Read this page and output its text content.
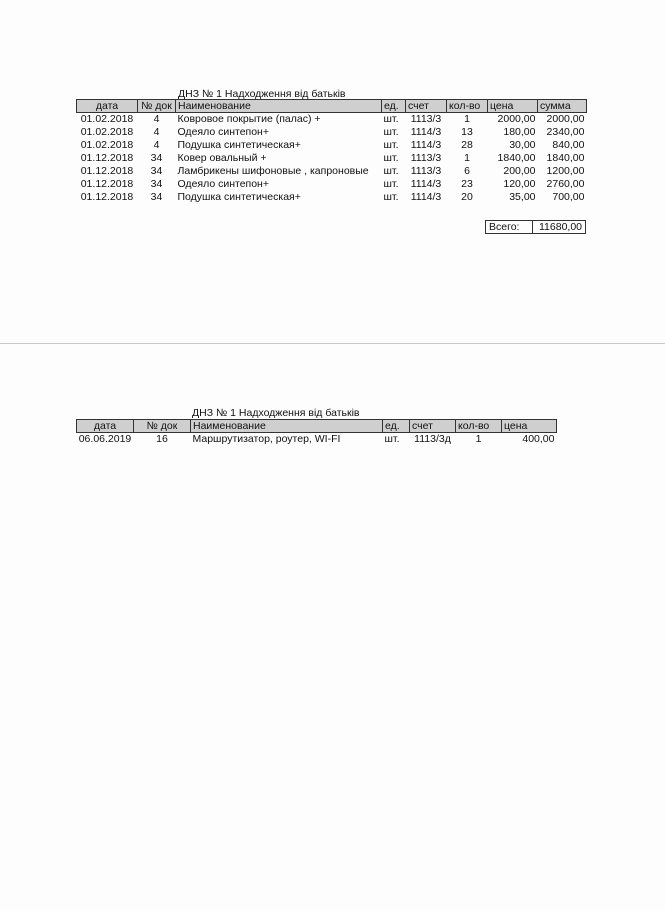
ДНЗ № 1 Надходження від батьків
дата	№ док	Наименование	ед.	счет	кол-во	цена	сумма
01.02.2018	4	Ковровое покрытие (палас) +	шт.	1113/3	1	2000,00	2000,00
01.02.2018	4	Одеяло синтепон+	шт.	1114/3	13	180,00	2340,00
01.02.2018	4	Подушка синтетическая+	шт.	1114/3	28	30,00	840,00
01.12.2018	34	Ковер овальный +	шт.	1113/3	1	1840,00	1840,00
01.12.2018	34	Ламбрикены шифоновые , капроновые	шт.	1113/3	6	200,00	1200,00
01.12.2018	34	Одеяло синтепон+	шт.	1114/3	23	120,00	2760,00
01.12.2018	34	Подушка синтетическая+	шт.	1114/3	20	35,00	700,00
Всего:	11680,00
ДНЗ № 1 Надходження від батьків
дата	№ док	Наименование	ед.	счет	кол-во	цена
06.06.2019	16	Маршрутизатор, роутер, WI-FI	шт.	1113/3д	1	400,00
